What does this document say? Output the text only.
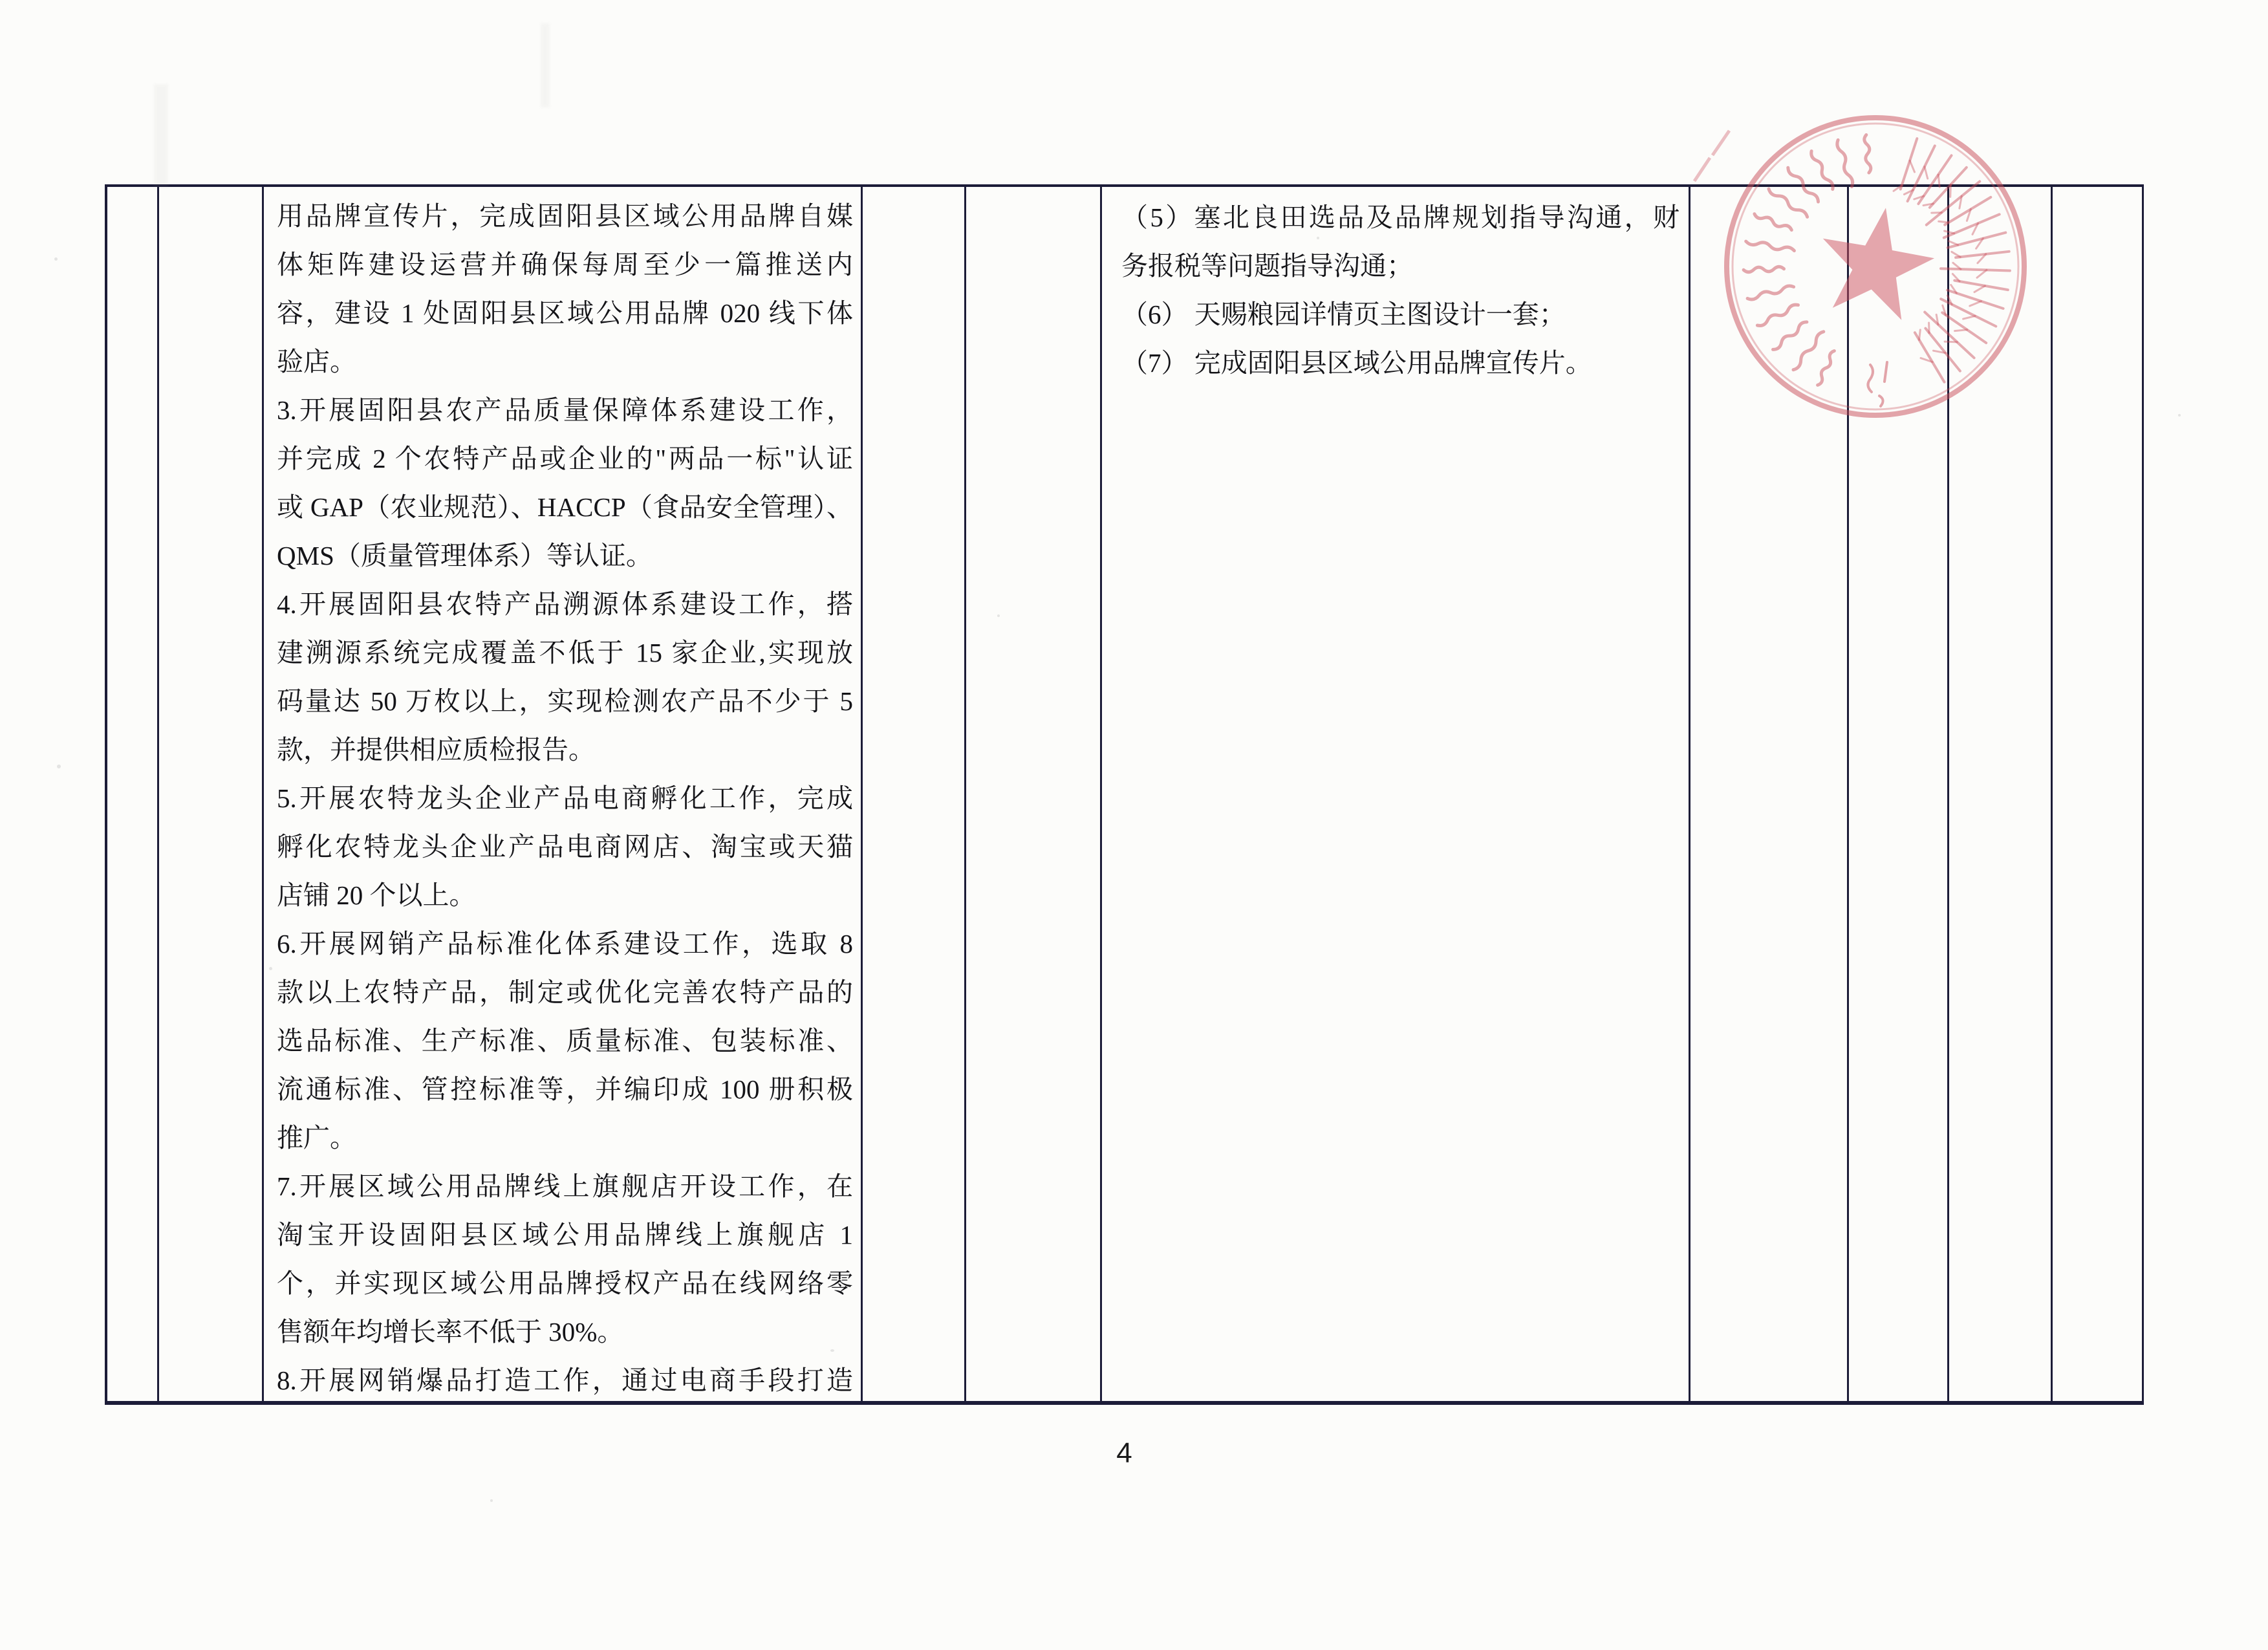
用品牌宣传片，完成固阳县区域公用品牌自媒
体矩阵建设运营并确保每周至少一篇推送内
容，建设 1 处固阳县区域公用品牌 020 线下体
验店。
3.开展固阳县农产品质量保障体系建设工作，
并完成 2 个农特产品或企业的"两品一标"认证
或 GAP（农业规范）、HACCP（食品安全管理）、
QMS（质量管理体系）等认证。
4.开展固阳县农特产品溯源体系建设工作，搭
建溯源系统完成覆盖不低于 15 家企业,实现放
码量达 50 万枚以上，实现检测农产品不少于 5
款，并提供相应质检报告。
5.开展农特龙头企业产品电商孵化工作，完成
孵化农特龙头企业产品电商网店、淘宝或天猫
店铺 20 个以上。
6.开展网销产品标准化体系建设工作，选取 8
款以上农特产品，制定或优化完善农特产品的
选品标准、生产标准、质量标准、包装标准、
流通标准、管控标准等，并编印成 100 册积极
推广。
7.开展区域公用品牌线上旗舰店开设工作，在
淘宝开设固阳县区域公用品牌线上旗舰店 1
个，并实现区域公用品牌授权产品在线网络零
售额年均增长率不低于 30%。
8.开展网销爆品打造工作，通过电商手段打造
（5）塞北良田选品及品牌规划指导沟通，财
务报税等问题指导沟通；
（6） 天赐粮园详情页主图设计一套；
（7） 完成固阳县区域公用品牌宣传片。
4
